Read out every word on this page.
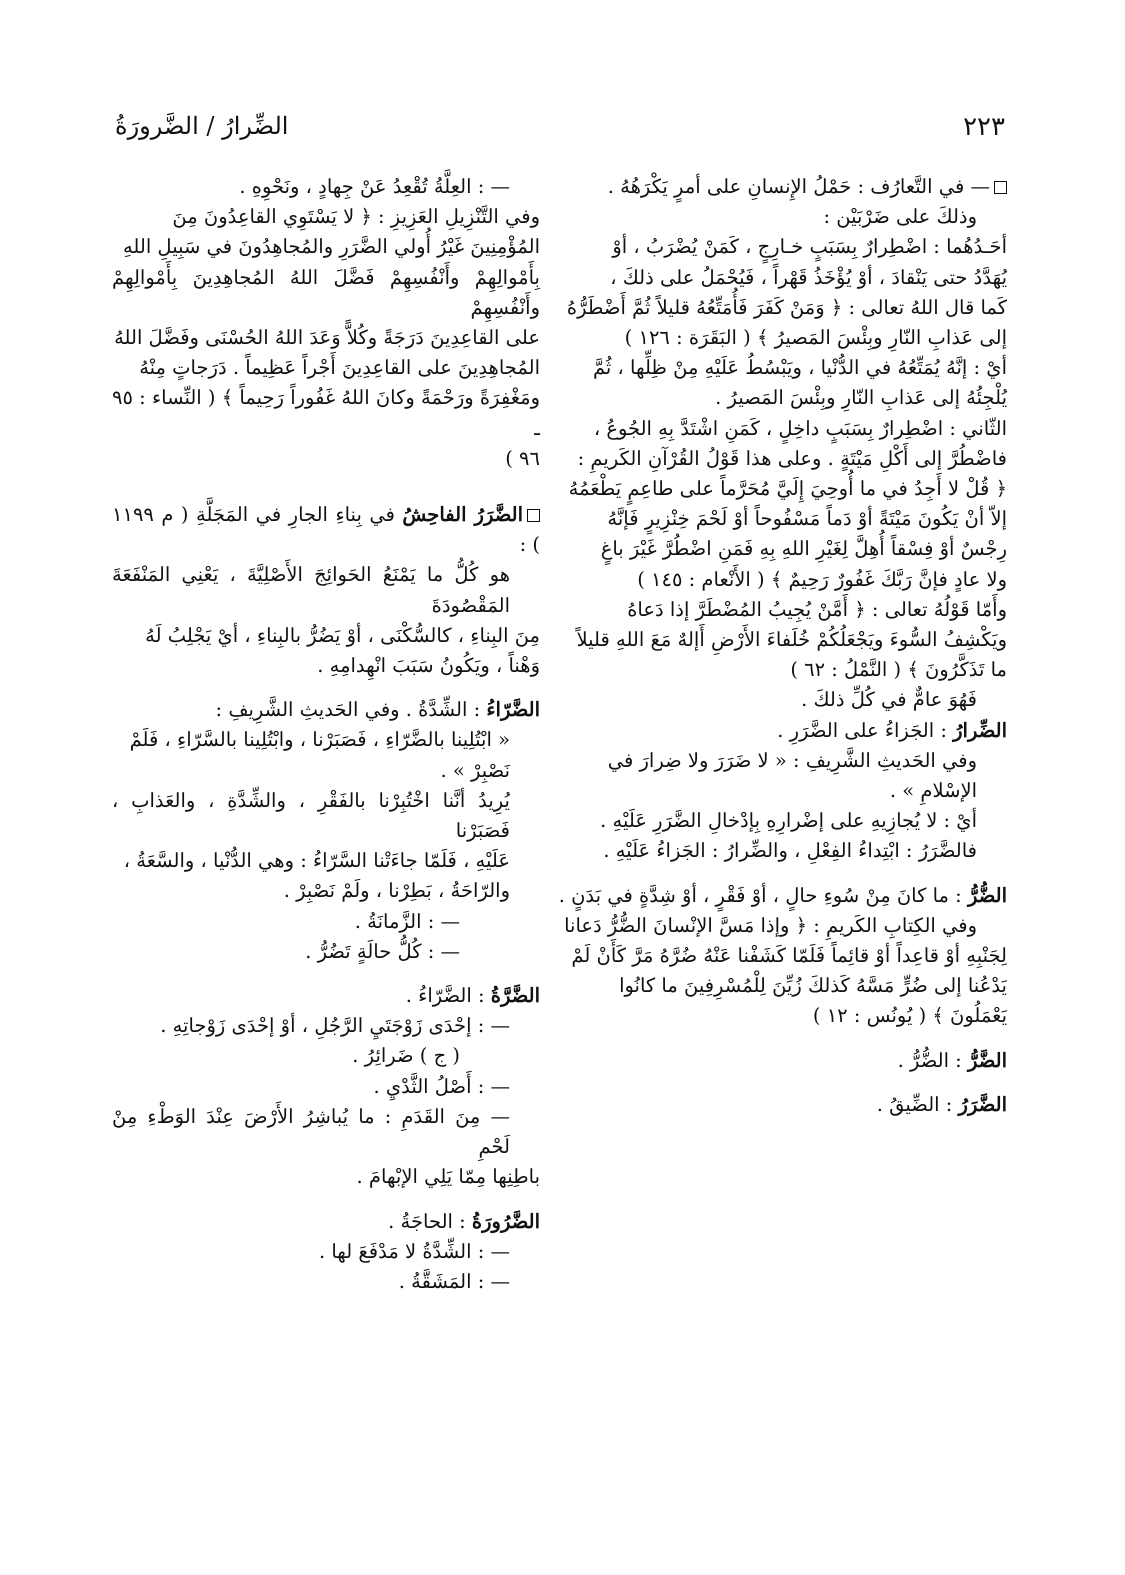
٢٢٣
الضِّرارُ / الضَّرورَةُ

— في التَّعارُف : حَمْلُ الإِنسانِ على أمرٍ يَكْرَهُهُ .

وذلكَ على ضَرْبَيْن :

أحَـدُهُما : اضْطِرارٌ بِسَبَبٍ خـارِجٍ ، كَمَنْ يُضْرَبُ ، أوْ

يُهَدَّدُ حتى يَنْقادَ ، أوْ يُؤْخَذُ قَهْراً ، فَيُحْمَلُ على ذلكَ ،

كَما قال اللهُ تعالى : ﴿ وَمَنْ كَفَرَ فَأُمَتِّعُهُ قليلاً ثُمَّ أَضْطَرُّهُ

إلى عَذابِ النّارِ وبِئْسَ المَصيرُ ﴾ ( البَقَرَة : ١٢٦ )

أيْ : إنَّهُ يُمَتِّعُهُ في الدُّنْيا ، ويَبْسُطُ عَلَيْهِ مِنْ ظِلِّها ، ثُمَّ

يُلْجِئُهُ إلى عَذابِ النّارِ وبِئْسَ المَصيرُ .

الثّاني : اضْطِرارٌ بِسَبَبٍ داخِلٍ ، كَمَنِ اشْتَدَّ بِهِ الجُوعُ ،

فاضْطُرَّ إلى أَكْلِ مَيْتَةٍ . وعلى هذا قَوْلُ القُرْآنِ الكَريمِ :

﴿ قُلْ لا أَجِدُ في ما أُوحِيَ إِلَيَّ مُحَرَّماً على طاعِمٍ يَطْعَمُهُ

إلاّ أنْ يَكُونَ مَيْتَةً أوْ دَماً مَسْفُوحاً أوْ لَحْمَ خِنْزِيرٍ فَإنَّهُ

رِجْسٌ أوْ فِسْقاً أُهِلَّ لِغَيْرِ اللهِ بِهِ فَمَنِ اضْطُرَّ غَيْرَ باغٍ

ولا عادٍ فإنَّ رَبَّكَ غَفُورٌ رَحِيمٌ ﴾ ( الأَنْعام : ١٤٥ )

وأَمّا قَوْلُهُ تعالى : ﴿ أَمَّنْ يُجِيبُ المُضْطَرَّ إذا دَعاهُ

ويَكْشِفُ السُّوءَ ويَجْعَلُكُمْ خُلَفاءَ الأَرْضِ أَإلهٌ مَعَ اللهِ قليلاً

ما تَذَكَّرُونَ ﴾ ( النَّمْلُ : ٦٢ )

فَهُوَ عامٌّ في كُلِّ ذلكَ .

الضِّرارُ : الجَزاءُ على الضَّرَرِ .

وفي الحَديثِ الشَّرِيفِ : « لا ضَرَرَ ولا ضِرارَ في

الإسْلامِ » .

أيْ : لا يُجازِيهِ على إضْرارِهِ بِإدْخالِ الضَّرَرِ عَلَيْهِ .

فالضَّرَرُ : ابْتِداءُ الفِعْلِ ، والضِّرارُ : الجَزاءُ عَلَيْهِ .

الضُّرُّ : ما كانَ مِنْ سُوءِ حالٍ ، أوْ فَقْرٍ ، أوْ شِدَّةٍ في بَدَنٍ .

وفي الكِتابِ الكَريمِ : ﴿ وإذا مَسَّ الإنْسانَ الضُّرُّ دَعانا

لِجَنْبِهِ أوْ قاعِداً أوْ قائِماً فَلَمّا كَشَفْنا عَنْهُ ضُرَّهُ مَرَّ كَأَنْ لَمْ

يَدْعُنا إلى ضُرٍّ مَسَّهُ كَذلكَ زُيِّنَ لِلْمُسْرِفِينَ ما كانُوا

يَعْمَلُونَ ﴾ ( يُونُس : ١٢ )

الضَّرُّ : الضُّرُّ .

الضَّرَرُ : الضِّيقُ .

— : العِلَّةُ تُقْعِدُ عَنْ جِهادٍ ، ونَحْوِهِ .

وفي التَّنْزِيلِ العَزِيزِ : ﴿ لا يَسْتَوِي القاعِدُونَ مِنَ

المُؤْمِنِينَ غَيْرُ أُولي الضَّرَرِ والمُجاهِدُونَ في سَبِيلِ اللهِ

بِأَمْوالِهِمْ وأَنْفُسِهِمْ فَضَّلَ اللهُ المُجاهِدِينَ بِأَمْوالِهِمْ وأَنْفُسِهِمْ

على القاعِدِينَ دَرَجَةً وكُلاًّ وَعَدَ اللهُ الحُسْنَى وفَضَّلَ اللهُ

المُجاهِدِينَ على القاعِدِينَ أَجْراً عَظِيماً . دَرَجاتٍ مِنْهُ

ومَغْفِرَةً ورَحْمَةً وكانَ اللهُ غَفُوراً رَحِيماً ﴾ ( النِّساء : ٩٥ ـ

٩٦ )

الضَّرَرُ الفاحِشُ في بِناءِ الجارِ في المَجَلَّةِ ( م ١١٩٩ ) :

هو كُلُّ ما يَمْنَعُ الحَوائِجَ الأَصْلِيَّةَ ، يَعْنِي المَنْفَعَةَ المَقْصُودَةَ

مِنَ البِناءِ ، كالسُّكْنَى ، أوْ يَضُرُّ بالبِناءِ ، أيْ يَجْلِبُ لَهُ

وَهْناً ، ويَكُونُ سَبَبَ انْهِدامِهِ .

الضَّرّاءُ : الشِّدَّةُ . وفي الحَديثِ الشَّرِيفِ :

« ابْتُلِينا بالضَّرّاءِ ، فَصَبَرْنا ، وابْتُلِينا بالسَّرّاءِ ، فَلَمْ

نَصْبِرْ » .

يُرِيدُ أنَّنا اخْتُبِرْنا بالفَقْرِ ، والشِّدَّةِ ، والعَذابِ ، فَصَبَرْنا

عَلَيْهِ ، فَلَمّا جاءَتْنا السَّرّاءُ : وهي الدُّنْيا ، والسَّعَةُ ،

والرّاحَةُ ، بَطِرْنا ، ولَمْ نَصْبِرْ .

— : الزَّمانَةُ .

— : كُلُّ حالَةٍ تَضُرُّ .

الضَّرَّةُ : الضَّرّاءُ .

— : إحْدَى زَوْجَتَيِ الرَّجُلِ ، أوْ إحْدَى زَوْجاتِهِ .

( ج ) ضَرائِرُ .

— : أَصْلُ الثَّدْيِ .

— مِنَ القَدَمِ : ما يُباشِرُ الأَرْضَ عِنْدَ الوَطْءِ مِنْ لَحْمِ

باطِنِها مِمّا يَلِي الإبْهامَ .

الضَّرُورَةُ : الحاجَةُ .

— : الشِّدَّةُ لا مَدْفَعَ لها .

— : المَشَقَّةُ .
